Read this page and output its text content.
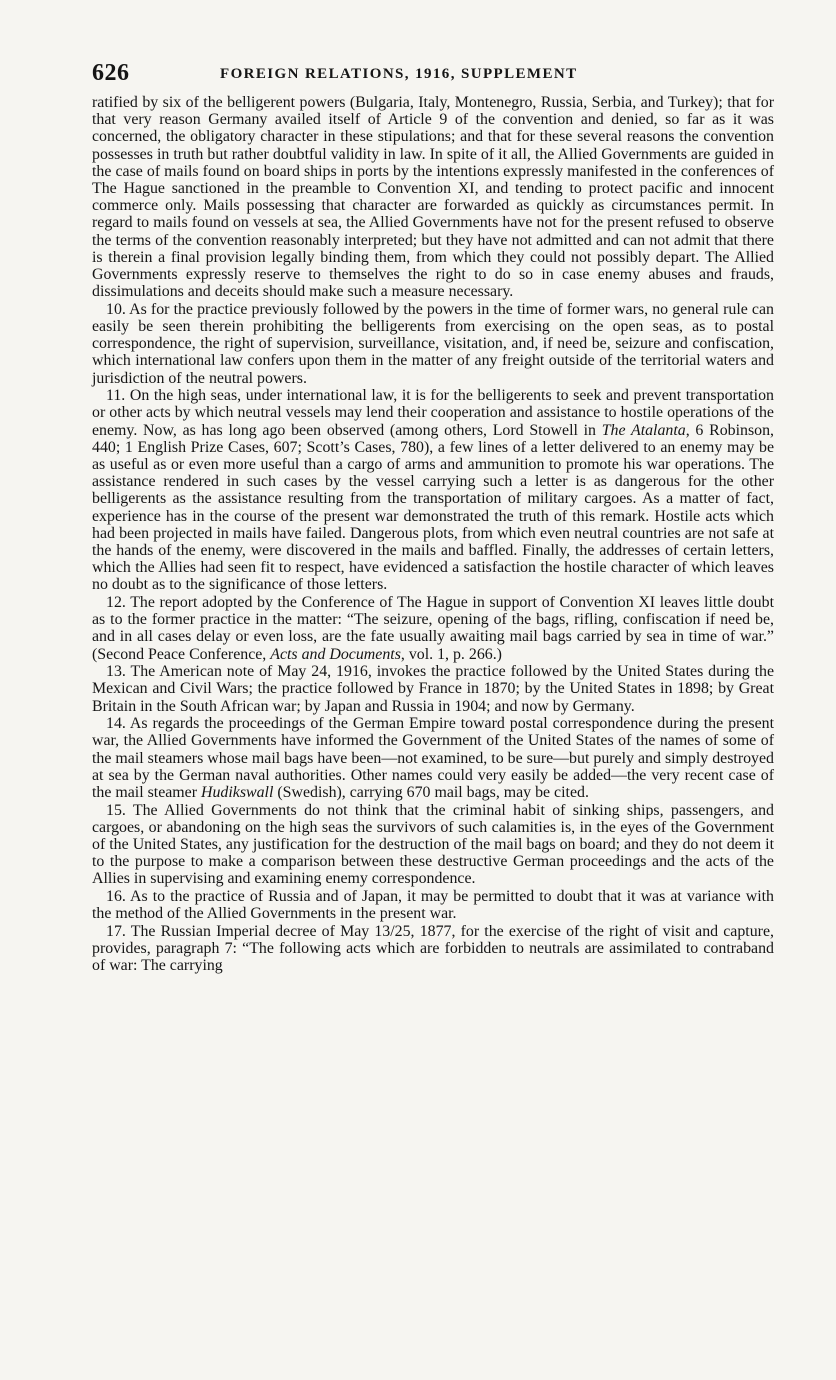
626	FOREIGN RELATIONS, 1916, SUPPLEMENT

ratified by six of the belligerent powers (Bulgaria, Italy, Montenegro, Russia, Serbia, and Turkey); that for that very reason Germany availed itself of Article 9 of the convention and denied, so far as it was concerned, the obligatory character in these stipulations; and that for these several reasons the convention possesses in truth but rather doubtful validity in law. In spite of it all, the Allied Governments are guided in the case of mails found on board ships in ports by the intentions expressly manifested in the conferences of The Hague sanctioned in the preamble to Convention XI, and tending to protect pacific and innocent commerce only. Mails possessing that character are forwarded as quickly as circumstances permit. In regard to mails found on vessels at sea, the Allied Governments have not for the present refused to observe the terms of the convention reasonably interpreted; but they have not admitted and can not admit that there is therein a final provision legally binding them, from which they could not possibly depart. The Allied Governments expressly reserve to themselves the right to do so in case enemy abuses and frauds, dissimulations and deceits should make such a measure necessary.

10. As for the practice previously followed by the powers in the time of former wars, no general rule can easily be seen therein prohibiting the belligerents from exercising on the open seas, as to postal correspondence, the right of supervision, surveillance, visitation, and, if need be, seizure and confiscation, which international law confers upon them in the matter of any freight outside of the territorial waters and jurisdiction of the neutral powers.

11. On the high seas, under international law, it is for the belligerents to seek and prevent transportation or other acts by which neutral vessels may lend their cooperation and assistance to hostile operations of the enemy. Now, as has long ago been observed (among others, Lord Stowell in The Atalanta, 6 Robinson, 440; 1 English Prize Cases, 607; Scott’s Cases, 780), a few lines of a letter delivered to an enemy may be as useful as or even more useful than a cargo of arms and ammunition to promote his war operations. The assistance rendered in such cases by the vessel carrying such a letter is as dangerous for the other belligerents as the assistance resulting from the transportation of military cargoes. As a matter of fact, experience has in the course of the present war demonstrated the truth of this remark. Hostile acts which had been projected in mails have failed. Dangerous plots, from which even neutral countries are not safe at the hands of the enemy, were discovered in the mails and baffled. Finally, the addresses of certain letters, which the Allies had seen fit to respect, have evidenced a satisfaction the hostile character of which leaves no doubt as to the significance of those letters.

12. The report adopted by the Conference of The Hague in support of Convention XI leaves little doubt as to the former practice in the matter: “The seizure, opening of the bags, rifling, confiscation if need be, and in all cases delay or even loss, are the fate usually awaiting mail bags carried by sea in time of war.” (Second Peace Conference, Acts and Documents, vol. 1, p. 266.)

13. The American note of May 24, 1916, invokes the practice followed by the United States during the Mexican and Civil Wars; the practice followed by France in 1870; by the United States in 1898; by Great Britain in the South African war; by Japan and Russia in 1904; and now by Germany.

14. As regards the proceedings of the German Empire toward postal correspondence during the present war, the Allied Governments have informed the Government of the United States of the names of some of the mail steamers whose mail bags have been—not examined, to be sure—but purely and simply destroyed at sea by the German naval authorities. Other names could very easily be added—the very recent case of the mail steamer Hudikswall (Swedish), carrying 670 mail bags, may be cited.

15. The Allied Governments do not think that the criminal habit of sinking ships, passengers, and cargoes, or abandoning on the high seas the survivors of such calamities is, in the eyes of the Government of the United States, any justification for the destruction of the mail bags on board; and they do not deem it to the purpose to make a comparison between these destructive German proceedings and the acts of the Allies in supervising and examining enemy correspondence.

16. As to the practice of Russia and of Japan, it may be permitted to doubt that it was at variance with the method of the Allied Governments in the present war.

17. The Russian Imperial decree of May 13/25, 1877, for the exercise of the right of visit and capture, provides, paragraph 7: “The following acts which are forbidden to neutrals are assimilated to contraband of war: The carrying
